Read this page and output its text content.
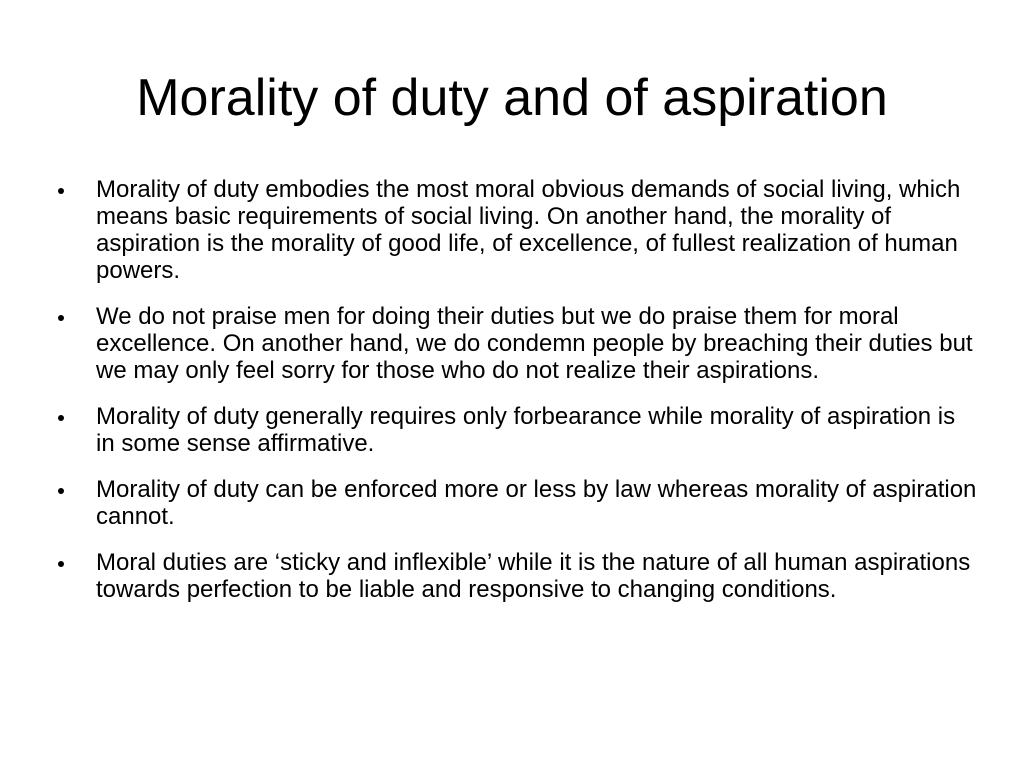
Morality of duty and of aspiration
Morality of duty embodies the most moral obvious demands of social living, which means basic requirements of social living. On another hand, the morality of aspiration is the morality of good life, of excellence, of fullest realization of human powers.
We do not praise men for doing their duties but we do praise them for moral excellence. On another hand, we do condemn people by breaching their duties but we may only feel sorry for those who do not realize their aspirations.
Morality of duty generally requires only forbearance while morality of aspiration is in some sense affirmative.
Morality of duty can be enforced more or less by law whereas morality of aspiration cannot.
Moral duties are ‘sticky and inflexible’ while it is the nature of all human aspirations towards perfection to be liable and responsive to changing conditions.
